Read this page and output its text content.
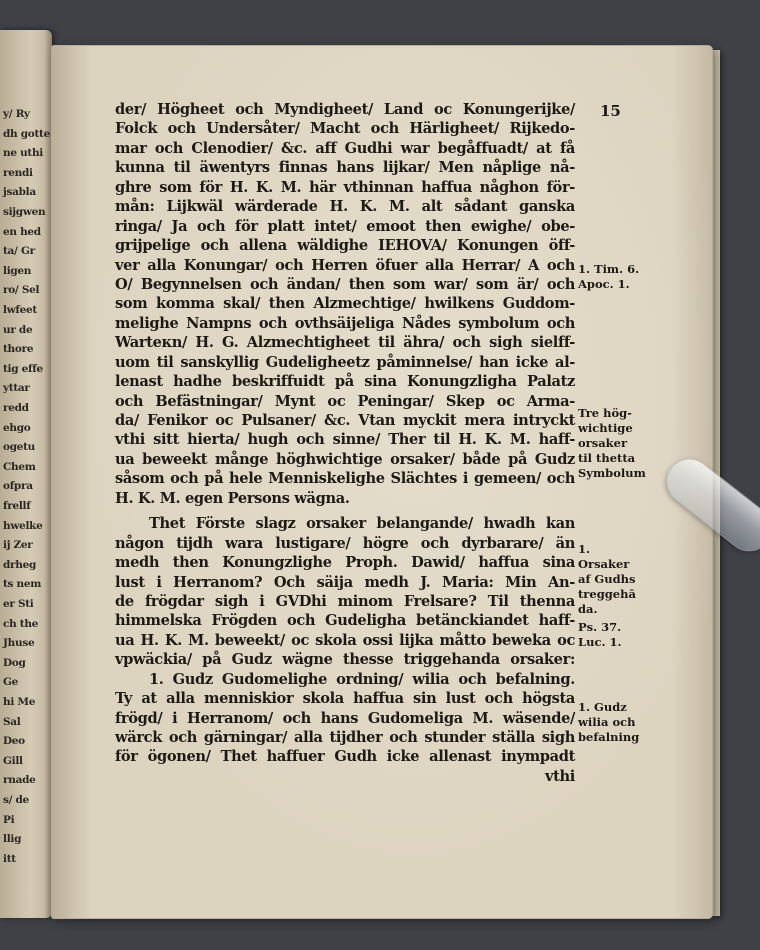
y/ Ry
dh gotte
ne uthi
rendi
jsabla
sijgwen
en hed
ta/ Gr
ligen
ro/ Sel
lwfeet
ur de
thore
tig effe
yttar
redd
ehgo
ogetu
Chem
ofpra
frellf
hwelke
ij Zer
drheg
ts nem
er Sti
ch the
Jhuse
Dog
Ge
hi Me
Sal
Deo
Gill
rnade
s/ de
Pi
llig
itt
15
der/ Högheet och Myndigheet/ Land oc Konungerijke/
Folck och Undersåter/ Macht och Härligheet/ Rijkedo-
mar och Clenodier/ &c. aff Gudhi war begåffuadt/ at få
kunna til äwentyrs finnas hans lijkar/ Men nåplige nå-
ghre som för H. K. M. här vthinnan haffua någhon för-
mån: Lijkwäl wärderade H. K. M. alt sådant ganska
ringa/ Ja och för platt intet/ emoot then ewighe/ obe-
grijpelige och allena wäldighe IEHOVA/ Konungen öff-
ver alla Konungar/ och Herren öfuer alla Herrar/ A och
O/ Begynnelsen och ändan/ then som war/ som är/ och
som komma skal/ then Alzmechtige/ hwilkens Guddom-
melighe Nampns och ovthsäijeliga Nådes symbolum och
Warteкn/ H. G. Alzmechtigheet til ähra/ och sigh sielff-
uom til sanskyllig Gudeligheetz påminnelse/ han icke al-
lenast hadhe beskriffuidt på sina Konungzligha Palatz
och Befästningar/ Mynt oc Peningar/ Skep oc Arma-
da/ Fenikor oc Pulsaner/ &c. Vtan myckit mera intryckt
vthi sitt hierta/ hugh och sinne/ Ther til H. K. M. haff-
ua beweekt månge höghwichtige orsaker/ både på Gudz
såsom och på hele Menniskelighe Slächtes i gemeen/ och
H. K. M. egen Persons wägna.
Thet Förste slagz orsaker belangande/ hwadh kan
någon tijdh wara lustigare/ högre och dyrbarare/ än
medh then Konungzlighe Proph. Dawid/ haffua sina
lust i Herranom? Och säija medh J. Maria: Min An-
de frögdar sigh i GVDhi minom Frelsare? Til thenna
himmelska Frögden och Gudeligha betänckiandet haff-
ua H. K. M. beweekt/ oc skola ossi lijka måtto beweka oc
vpwäckia/ på Gudz wägne thesse triggehanda orsaker:
1. Gudz Gudomelighe ordning/ wilia och befalning.
Ty at alla menniskior skola haffua sin lust och högsta
frögd/ i Herranom/ och hans Gudomeliga M. wäsende/
wärck och gärningar/ alla tijdher och stunder ställa sigh
för ögonen/ Thet haffuer Gudh icke allenast inympadt
vthi
1. Tim. 6.
Apoc. 1.
Tre hög-
wichtige
orsaker
til thetta
Symbolum
1.
Orsaker
af Gudhs
treggehā
da.
Ps. 37.
Luc. 1.
1. Gudz
wilia och
befalning
